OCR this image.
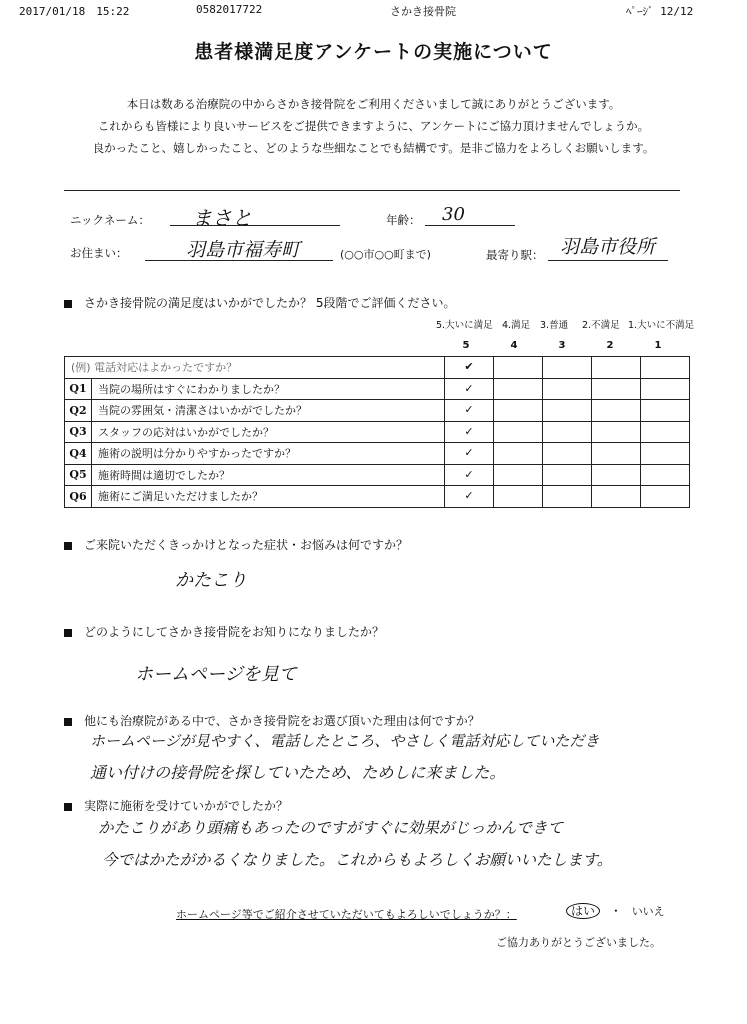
2017/01/18　15:22	0582017722	さかき接骨院	ﾍﾟｰｼﾞ 12/12
患者様満足度アンケートの実施について
本日は数ある治療院の中からさかき接骨院をご利用くださいまして誠にありがとうございます。
これからも皆様により良いサービスをご提供できますように、アンケートにご協力頂けませんでしょうか。
良かったこと、嬉しかったこと、どのような些細なことでも結構です。是非ご協力をよろしくお願いします。
ニックネーム： まさと	年齢： 30
お住まい：	羽島市福寿町	(○○市○○町まで)	最寄り駅： 羽島市役所
さかき接骨院の満足度はいかがでしたか？ 5段階でご評価ください。
5.大いに満足 4.満足 3.普通 2.不満足 1.大いに不満足
5	4	3	2	1
(例) 電話対応はよかったですか？		✔				
Q1	当院の場所はすぐにわかりましたか？	✓				
Q2	当院の雰囲気・清潔さはいかがでしたか？	✓				
Q3	スタッフの応対はいかがでしたか？	✓				
Q4	施術の説明は分かりやすかったですか？	✓				
Q5	施術時間は適切でしたか？	✓				
Q6	施術にご満足いただけましたか？	✓				
ご来院いただくきっかけとなった症状・お悩みは何ですか？
かたこり
どのようにしてさかき接骨院をお知りになりましたか？
ホームページを見て
他にも治療院がある中で、さかき接骨院をお選び頂いた理由は何ですか？
ホームページが見やすく、電話したところ、やさしく電話対応していただき
通い付けの接骨院を探していたため、ためしに来ました。
実際に施術を受けていかがでしたか？
かたこりがあり頭痛もあったのですがすぐに効果がじっかんできて
今ではかたがかるくなりました。これからもよろしくお願いいたします。
ホームページ等でご紹介させていただいてもよろしいでしょうか？：	はい ・ いいえ
ご協力ありがとうございました。
